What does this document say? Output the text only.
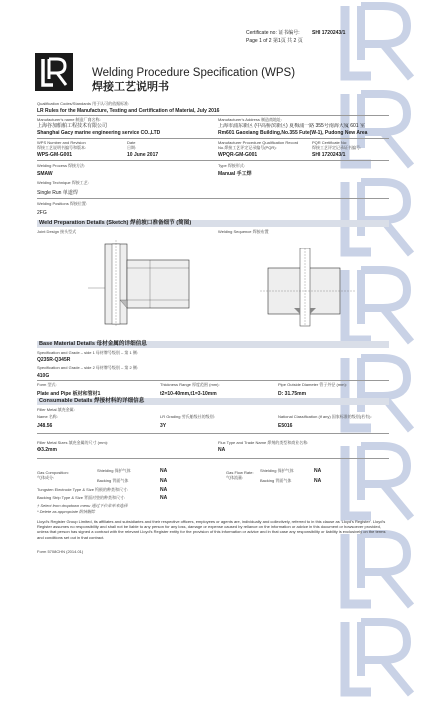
Certificate no: 证书编号: SHI 1720243/1
Page 1 of 2 第1页 共 2 页
Welding Procedure Specification (WPS)
焊接工艺说明书
Qualification Codes/Standards 用于认可的依据标准:
LR Rules for the Manufacture, Testing and Certification of Material, July 2016
Manufacturer's name 制造厂商名称:
上海谷加船舶工程技术有限公司
Shanghai Gacy marine engineering service CO.,LTD
Manufacturer's Address 制造商地址:
上海市浦东新区 (中高桥滨新区) 夏梅浦一路 355号南海大厦 601 室
Rm601 Gaoxiang Building,No.355 Fute(W-1), Pudong New Area
WPS Number and Revision
焊接工艺说明书编号和版本:
WPS-GM-G001
Date
日期:
10 June 2017
Manufacturer Procedure Qualification Record
No.焊接工艺评定记录编号(PQR):
WPQR-GM-G001
PQR Certificate No:
焊接工艺评定记录证书编号:
SHI 1720243/1
Welding Process 焊接方法:
SMAW
Type 焊接形式:
Manual 手工焊
Welding Technique 焊接工艺:
Single Run 单道焊
Welding Positions 焊接位置:
2FG
Weld Preparation Details (Sketch) 焊前坡口准备细节 (简图)
Joint Design 接头型式	Welding Sequence 焊接布置
Base Material Details 母材金属的详细信息
Specification and Grade – side 1 母材牌号级别 – 第 1 侧:
Q235R-Q345R
Specification and Grade – side 2 母材牌号级别 – 第 2 侧:
410G
Form 型式:
Plate and Pipe 板材和管材1
Thickness Range 厚度范围 (mm):
t2=10-40mm,t1=3-10mm
Pipe Outside Diameter 管子外径 (mm):
D: 31.75mm
Consumable Details 焊接材料的详细信息
Filler Metal 填充金属:
Name 名称:
J48.56
LR Grading 劳氏船级社的级别:
3Y
National Classification (if any) 国家标准的级别(若有):
E5016
Filler Metal Sizes 填充金属的尺寸 (mm):
Φ3.2mm
Flux Type and Trade Name 焊剂的类型和商业名称:
NA
Gas Composition:
气体成分:
Shielding 保护气体	NA
Backing 背面气体	NA
Gas Flow Rate:
气体流量:
Shielding 保护气体	NA
Backing 背面气体	NA
Tungsten Electrode Type & Size 钨极的种类和尺寸:	NA
Backing Strip Type & Size 背面衬垫的种类和尺寸:	NA
† Select from dropdown menu 通过下拉菜单来选择
* Delete as appropriate 酌情删除
Lloyd's Register Group Limited, its affiliates and subsidiaries and their respective officers, employees or agents are, individually and collectively, referred to in this clause as 'Lloyd's Register'. Lloyd's Register assumes no responsibility and shall not be liable to any person for any loss, damage or expense caused by reliance on the information or advice in this document or howsoever provided, unless that person has signed a contract with the relevant Lloyd's Register entity for the provision of this information or advice and in that case any responsibility or liability is exclusively on the terms and conditions set out in that contract.
Form 5708CHN (2014.01)
